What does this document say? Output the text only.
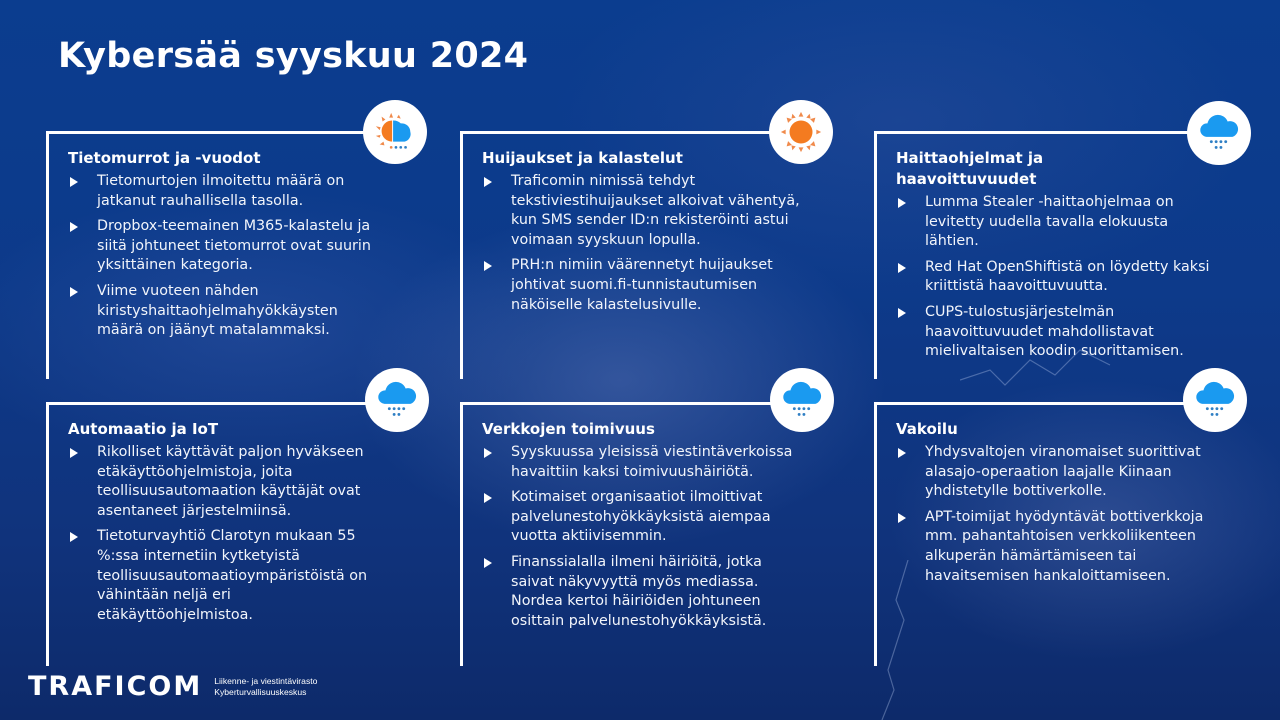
Kybersää syyskuu 2024
Tietomurrot ja -vuodot
Tietomurtojen ilmoitettu määrä on jatkanut rauhallisella tasolla.
Dropbox-teemainen M365-kalastelu ja siitä johtuneet tietomurrot ovat suurin yksittäinen kategoria.
Viime vuoteen nähden kiristyshaittaohjelmahyökkäysten määrä on jäänyt matalammaksi.
Huijaukset ja kalastelut
Traficomin nimissä tehdyt tekstiviestihuijaukset alkoivat vähentyä, kun SMS sender ID:n rekisteröinti astui voimaan syyskuun lopulla.
PRH:n nimiin väärennetyt huijaukset johtivat suomi.fi-tunnistautumisen näköiselle kalastelusivulle.
Haittaohjelmat ja haavoittuvuudet
Lumma Stealer -haittaohjelmaa on levitetty uudella tavalla elokuusta lähtien.
Red Hat OpenShiftistä on löydetty kaksi kriittistä haavoittuvuutta.
CUPS-tulostusjärjestelmän haavoittuvuudet mahdollistavat mielivaltaisen koodin suorittamisen.
Automaatio ja IoT
Rikolliset käyttävät paljon hyväkseen etäkäyttöohjelmistoja, joita teollisuusautomaation käyttäjät ovat asentaneet järjestelmiinsä.
Tietoturvayhtiö Clarotyn mukaan 55 %:ssa internetiin kytketyistä teollisuusautomaatioympäristöistä on vähintään neljä eri etäkäyttöohjelmistoa.
Verkkojen toimivuus
Syyskuussa yleisissä viestintäverkoissa havaittiin kaksi toimivuushäiriötä.
Kotimaiset organisaatiot ilmoittivat palvelunestohyökkäyksistä aiempaa vuotta aktiivisemmin.
Finanssialalla ilmeni häiriöitä, jotka saivat näkyvyyttä myös mediassa. Nordea kertoi häiriöiden johtuneen osittain palvelunestohyökkäyksistä.
Vakoilu
Yhdysvaltojen viranomaiset suorittivat alasajo-operaation laajalle Kiinaan yhdistetylle bottiverkolle.
APT-toimijat hyödyntävät bottiverkkoja mm. pahantahtoisen verkkoliikenteen alkuperän hämärtämiseen tai havaitsemisen hankaloittamiseen.
TRAFICOM Liikenne- ja viestintävirasto
Kyberturvallisuuskeskus
